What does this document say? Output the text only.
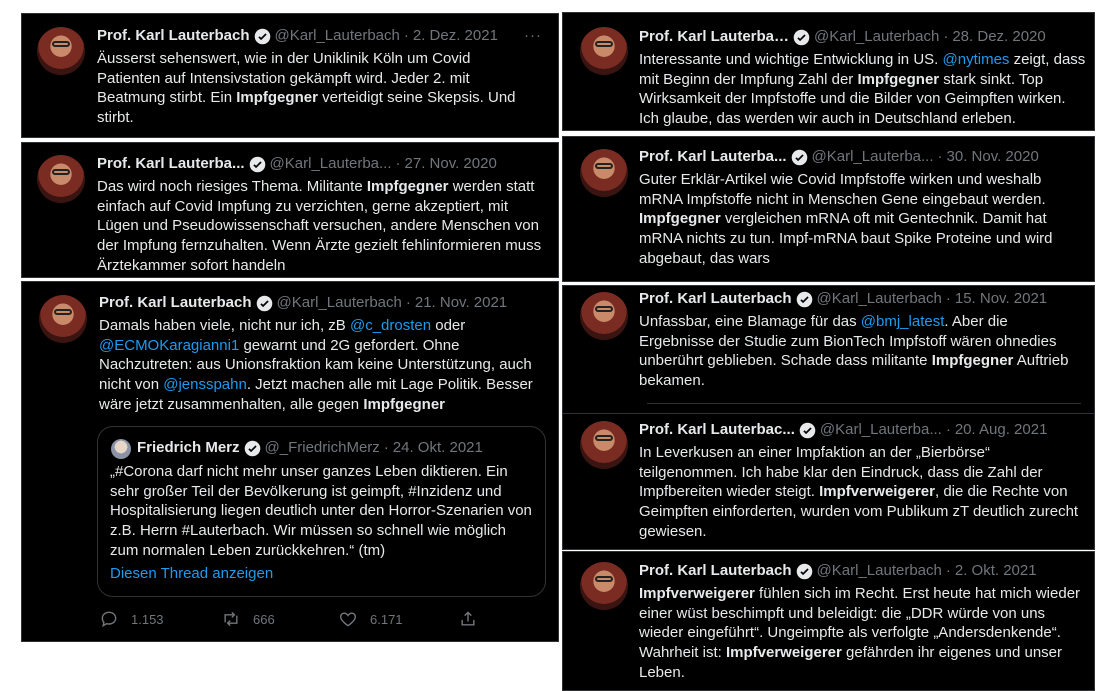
Prof. Karl Lauterbach @Karl_Lauterbach · 2. Dez. 2021 ···
Äusserst sehenswert, wie in der Uniklinik Köln um Covid Patienten auf Intensivstation gekämpft wird. Jeder 2. mit Beatmung stirbt. Ein Impfgegner verteidigt seine Skepsis. Und stirbt.
Prof. Karl Lauterba... @Karl_Lauterba... · 27. Nov. 2020
Das wird noch riesiges Thema. Militante Impfgegner werden statt einfach auf Covid Impfung zu verzichten, gerne akzeptiert, mit Lügen und Pseudowissenschaft versuchen, andere Menschen von der Impfung fernzuhalten. Wenn Ärzte gezielt fehlinformieren muss Ärztekammer sofort handeln
Prof. Karl Lauterbach @Karl_Lauterbach · 21. Nov. 2021
Damals haben viele, nicht nur ich, zB @c_drosten oder @ECMOKaragianni1 gewarnt und 2G gefordert. Ohne Nachzutreten: aus Unionsfraktion kam keine Unterstützung, auch nicht von @jensspahn. Jetzt machen alle mit Lage Politik. Besser wäre jetzt zusammenhalten, alle gegen Impfgegner
Friedrich Merz @_FriedrichMerz · 24. Okt. 2021
„#Corona darf nicht mehr unser ganzes Leben diktieren. Ein sehr großer Teil der Bevölkerung ist geimpft, #Inzidenz und Hospitalisierung liegen deutlich unter den Horror-Szenarien von z.B. Herrn #Lauterbach. Wir müssen so schnell wie möglich zum normalen Leben zurückkehren.“ (tm)
Diesen Thread anzeigen
1.153	666	6.171
Prof. Karl Lauterba… @Karl_Lauterbach · 28. Dez. 2020
Interessante und wichtige Entwicklung in US. @nytimes zeigt, dass mit Beginn der Impfung Zahl der Impfgegner stark sinkt. Top Wirksamkeit der Impfstoffe und die Bilder von Geimpften wirken. Ich glaube, das werden wir auch in Deutschland erleben.
Prof. Karl Lauterba... @Karl_Lauterba... · 30. Nov. 2020
Guter Erklär-Artikel wie Covid Impfstoffe wirken und weshalb mRNA Impfstoffe nicht in Menschen Gene eingebaut werden. Impfgegner vergleichen mRNA oft mit Gentechnik. Damit hat mRNA nichts zu tun. Impf-mRNA baut Spike Proteine und wird abgebaut, das wars
Prof. Karl Lauterbach @Karl_Lauterbach · 15. Nov. 2021
Unfassbar, eine Blamage für das @bmj_latest. Aber die Ergebnisse der Studie zum BionTech Impfstoff wären ohnedies unberührt geblieben. Schade dass militante Impfgegner Auftrieb bekamen.
Prof. Karl Lauterbac... @Karl_Lauterba... · 20. Aug. 2021
In Leverkusen an einer Impfaktion an der „Bierbörse“ teilgenommen. Ich habe klar den Eindruck, dass die Zahl der Impfbereiten wieder steigt. Impfverweigerer, die die Rechte von Geimpften einforderten, wurden vom Publikum zT deutlich zurecht gewiesen.
Prof. Karl Lauterbach @Karl_Lauterbach · 2. Okt. 2021
Impfverweigerer fühlen sich im Recht. Erst heute hat mich wieder einer wüst beschimpft und beleidigt: die „DDR würde von uns wieder eingeführt“. Ungeimpfte als verfolgte „Andersdenkende“. Wahrheit ist: Impfverweigerer gefährden ihr eigenes und unser Leben.
